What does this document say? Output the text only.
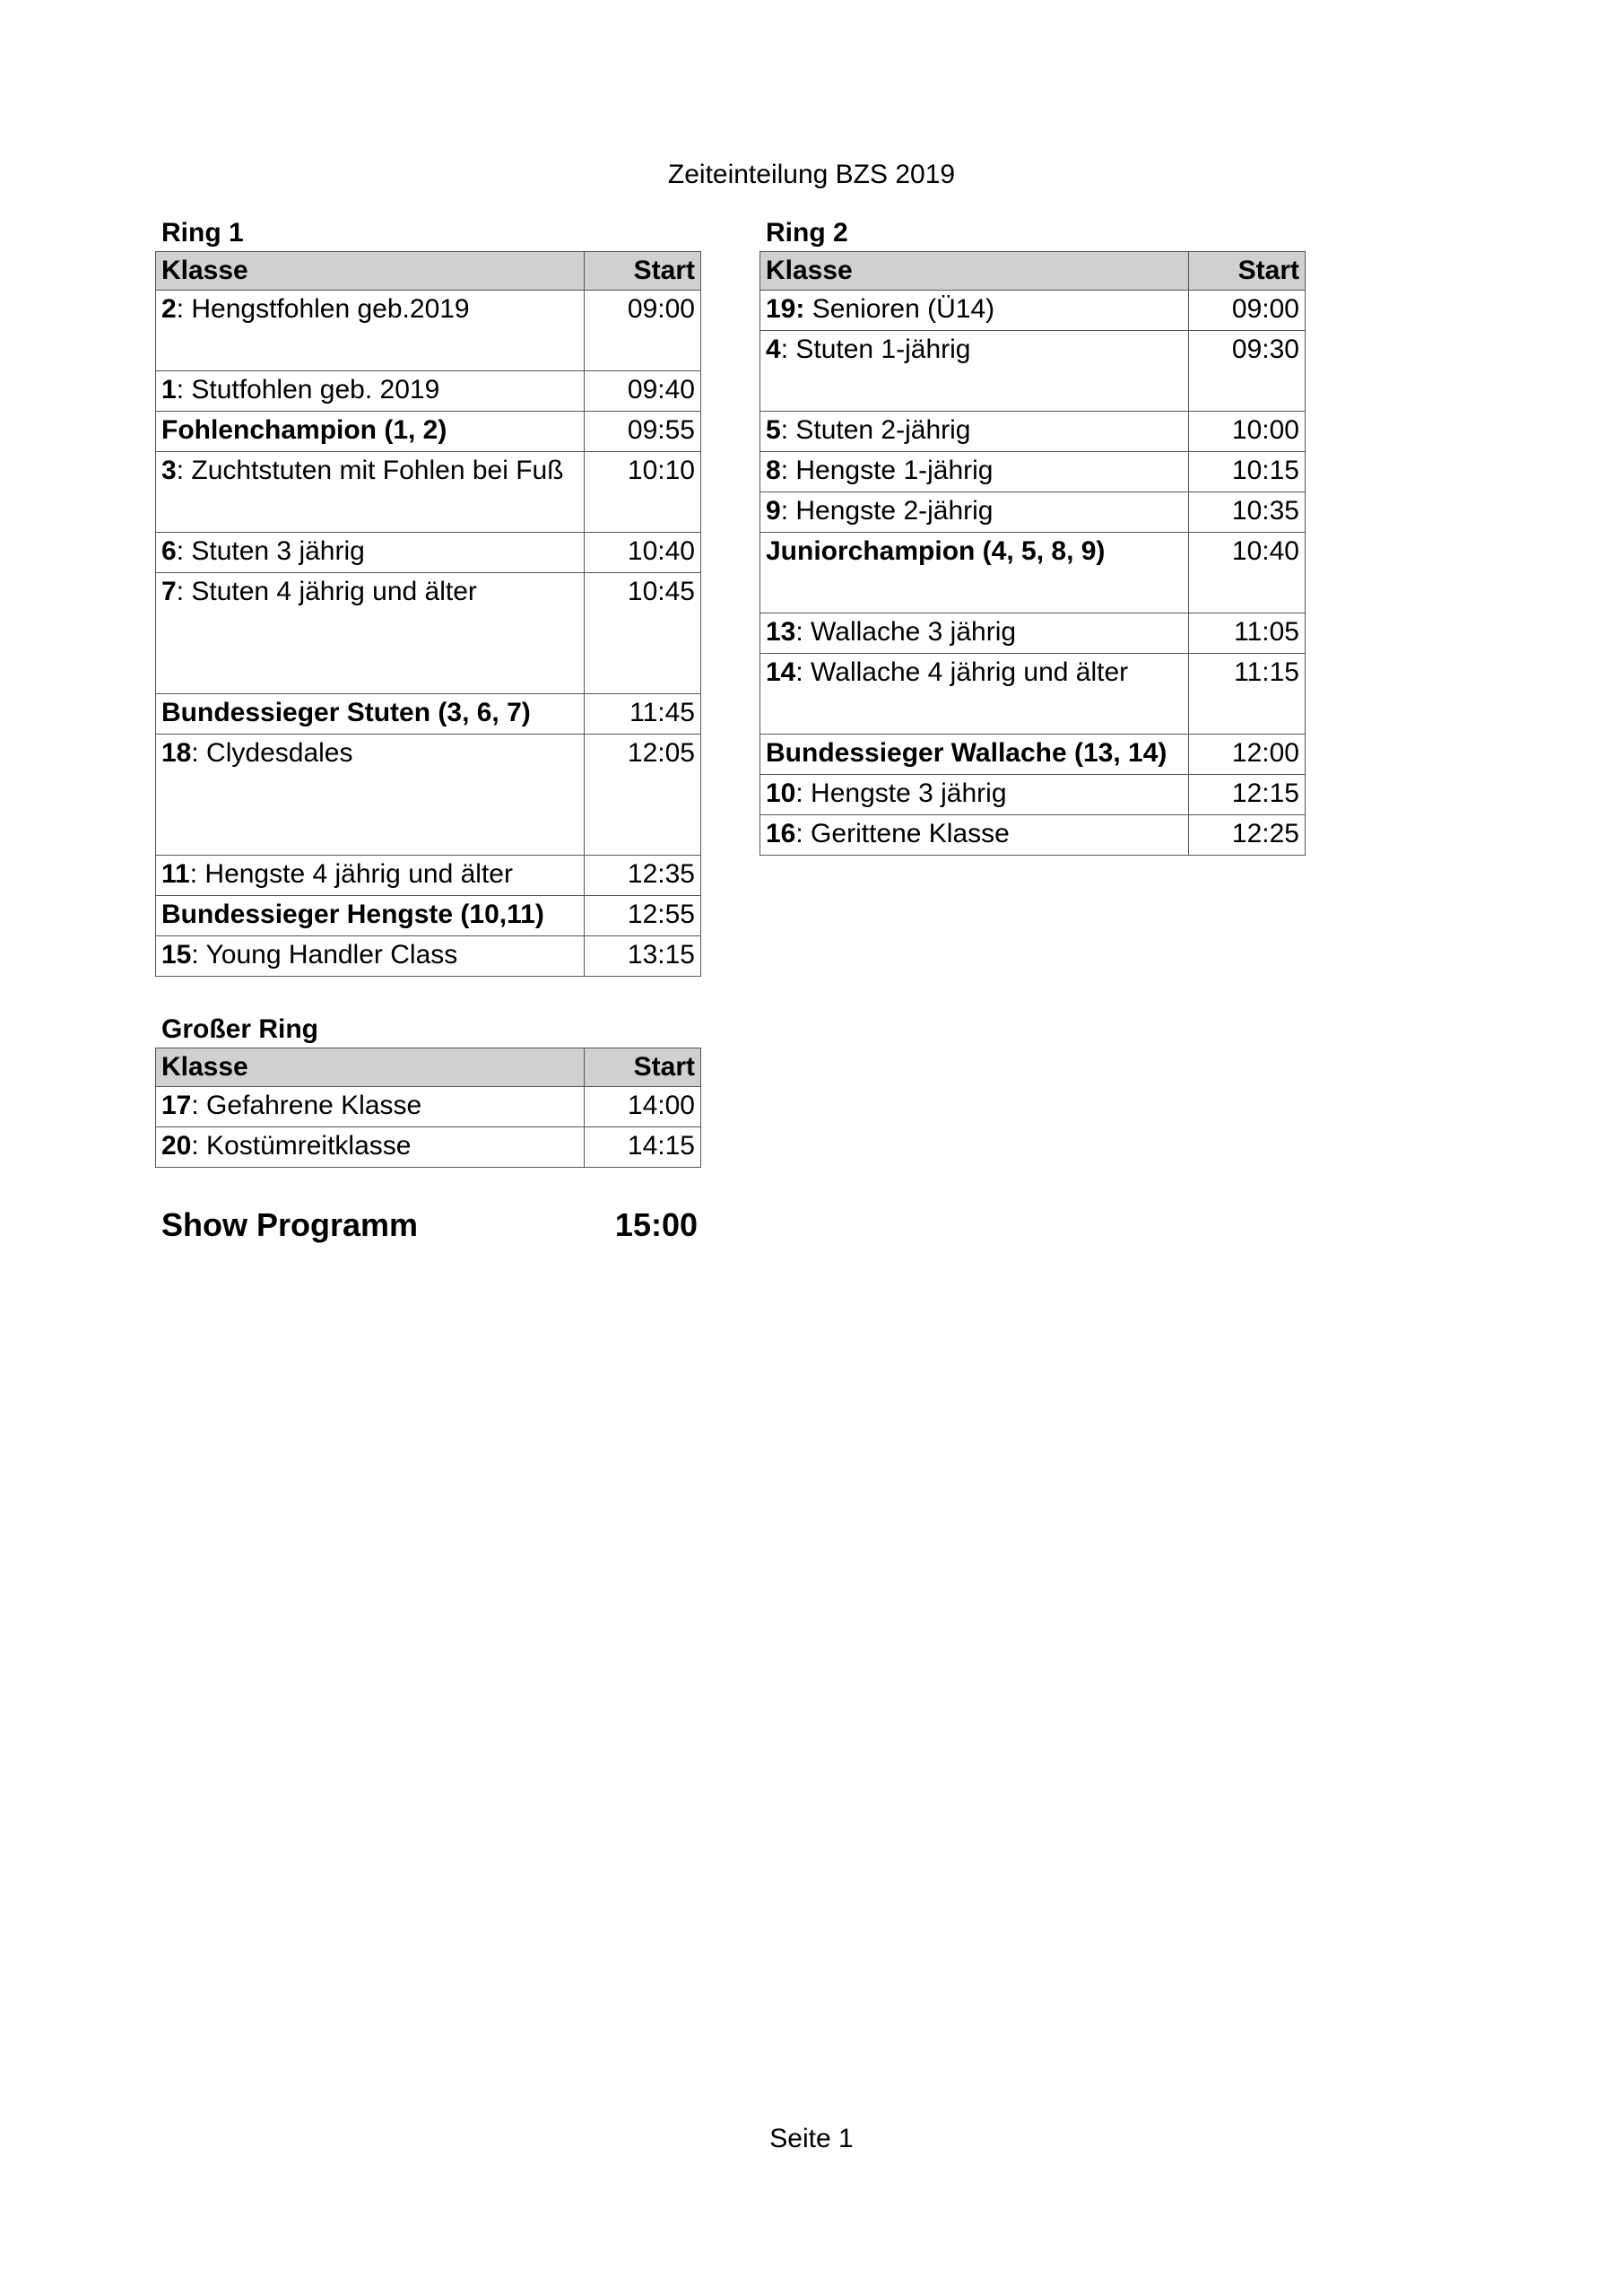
Zeiteinteilung BZS 2019
Ring 1
Klasse	Start
2: Hengstfohlen geb.2019	09:00
1: Stutfohlen geb. 2019	09:40
Fohlenchampion (1, 2)	09:55
3: Zuchtstuten mit Fohlen bei Fuß	10:10
6: Stuten 3 jährig	10:40
7: Stuten 4 jährig und älter	10:45
Bundessieger Stuten (3, 6, 7)	11:45
18: Clydesdales	12:05
11: Hengste 4 jährig und älter	12:35
Bundessieger Hengste (10,11)	12:55
15: Young Handler Class	13:15
Ring 2
Klasse	Start
19: Senioren (Ü14)	09:00
4: Stuten 1-jährig	09:30
5: Stuten 2-jährig	10:00
8: Hengste 1-jährig	10:15
9: Hengste 2-jährig	10:35
Juniorchampion (4, 5, 8, 9)	10:40
13: Wallache 3 jährig	11:05
14: Wallache 4 jährig und älter	11:15
Bundessieger Wallache (13, 14)	12:00
10: Hengste 3 jährig	12:15
16: Gerittene Klasse	12:25
Großer Ring
Klasse	Start
17: Gefahrene Klasse	14:00
20: Kostümreitklasse	14:15
Show Programm	15:00
Seite 1
